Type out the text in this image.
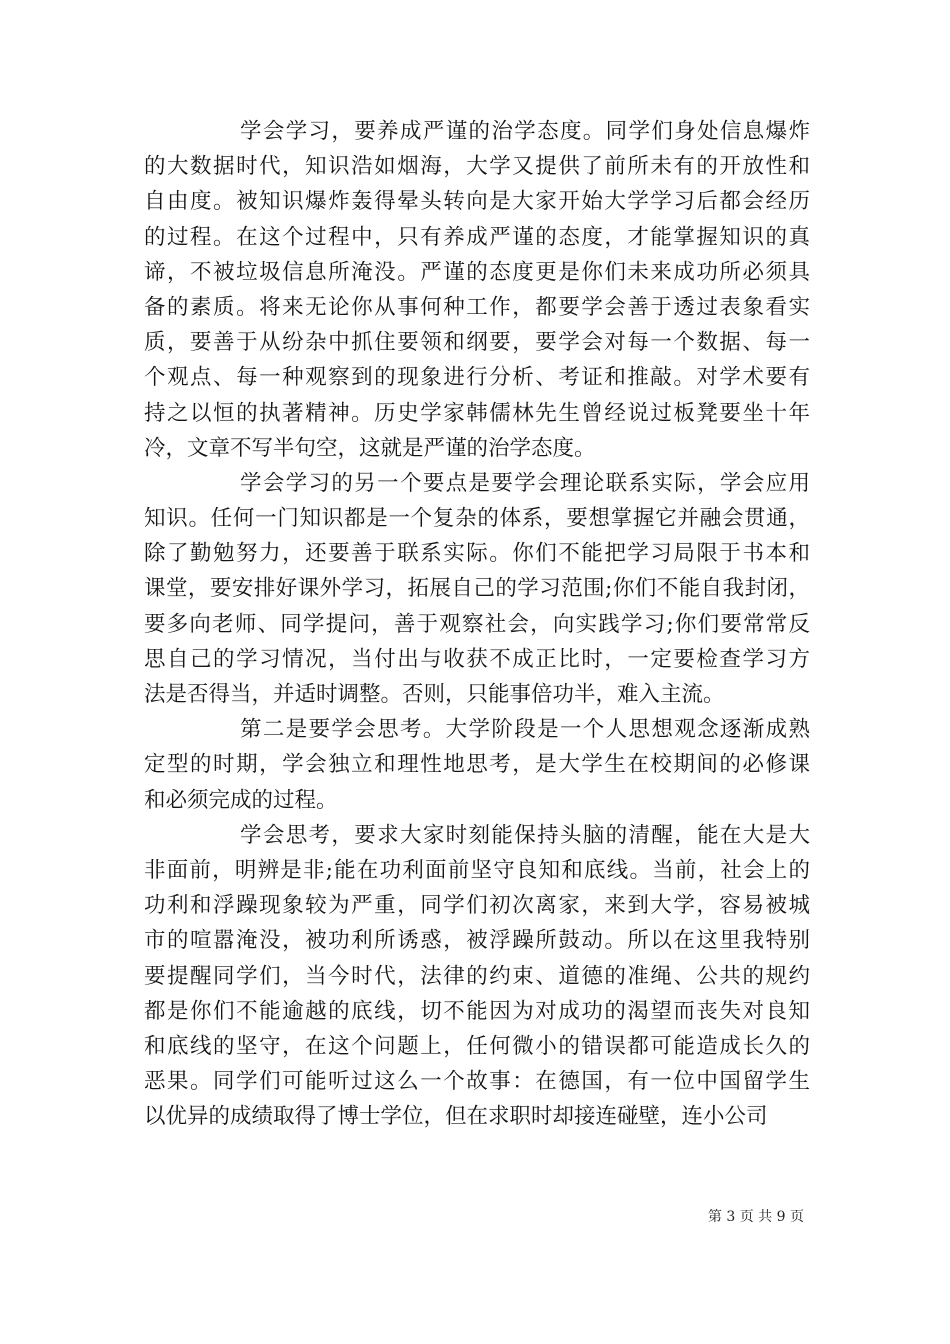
学会学习，要养成严谨的治学态度。同学们身处信息爆炸
的大数据时代，知识浩如烟海，大学又提供了前所未有的开放性和
自由度。被知识爆炸轰得晕头转向是大家开始大学学习后都会经历
的过程。在这个过程中，只有养成严谨的态度，才能掌握知识的真
谛，不被垃圾信息所淹没。严谨的态度更是你们未来成功所必须具
备的素质。将来无论你从事何种工作，都要学会善于透过表象看实
质，要善于从纷杂中抓住要领和纲要，要学会对每一个数据、每一
个观点、每一种观察到的现象进行分析、考证和推敲。对学术要有
持之以恒的执著精神。历史学家韩儒林先生曾经说过板凳要坐十年
冷，文章不写半句空，这就是严谨的治学态度。
学会学习的另一个要点是要学会理论联系实际，学会应用
知识。任何一门知识都是一个复杂的体系，要想掌握它并融会贯通，
除了勤勉努力，还要善于联系实际。你们不能把学习局限于书本和
课堂，要安排好课外学习，拓展自己的学习范围;你们不能自我封闭，
要多向老师、同学提问，善于观察社会，向实践学习;你们要常常反
思自己的学习情况，当付出与收获不成正比时，一定要检查学习方
法是否得当，并适时调整。否则，只能事倍功半，难入主流。
第二是要学会思考。大学阶段是一个人思想观念逐渐成熟
定型的时期，学会独立和理性地思考，是大学生在校期间的必修课
和必须完成的过程。
学会思考，要求大家时刻能保持头脑的清醒，能在大是大
非面前，明辨是非;能在功利面前坚守良知和底线。当前，社会上的
功利和浮躁现象较为严重，同学们初次离家，来到大学，容易被城
市的喧嚣淹没，被功利所诱惑，被浮躁所鼓动。所以在这里我特别
要提醒同学们，当今时代，法律的约束、道德的准绳、公共的规约
都是你们不能逾越的底线，切不能因为对成功的渴望而丧失对良知
和底线的坚守，在这个问题上，任何微小的错误都可能造成长久的
恶果。同学们可能听过这么一个故事：在德国，有一位中国留学生
以优异的成绩取得了博士学位，但在求职时却接连碰壁，连小公司
第 3 页 共 9 页
